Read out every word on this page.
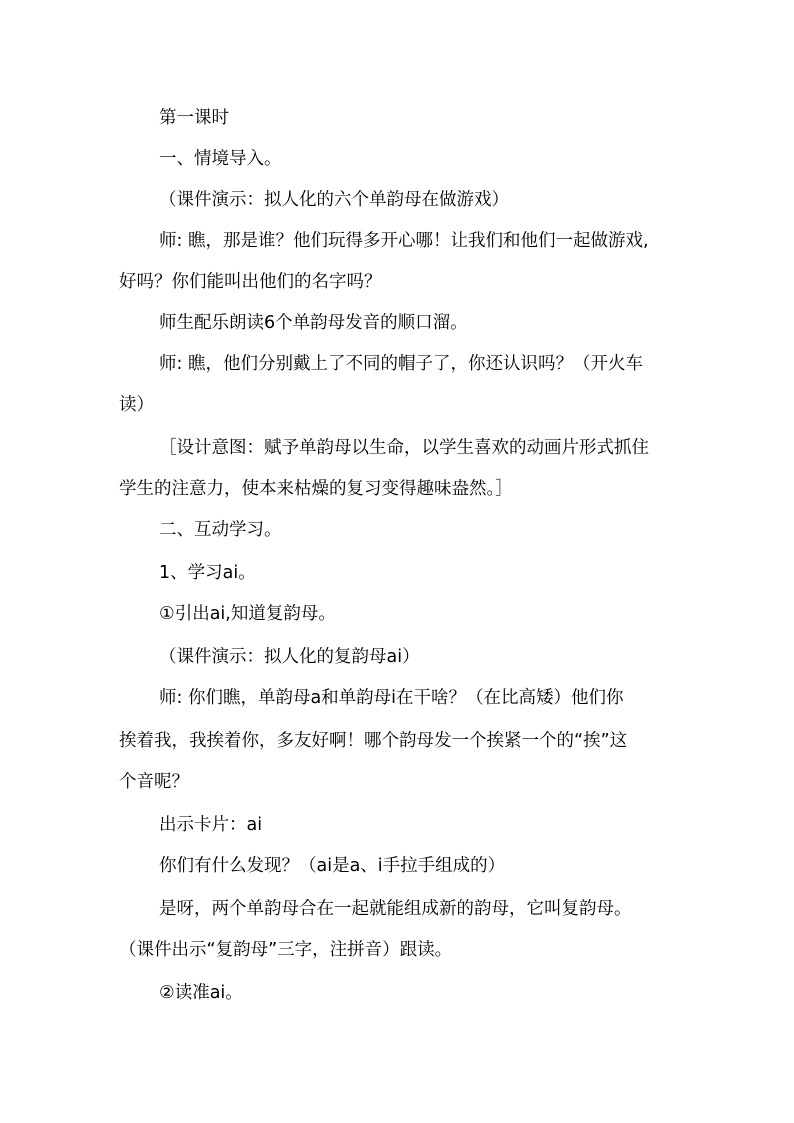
第一课时
一、情境导入。
（课件演示：拟人化的六个单韵母在做游戏）
师: 瞧，那是谁？他们玩得多开心哪！让我们和他们一起做游戏,
好吗？你们能叫出他们的名字吗？
师生配乐朗读6个单韵母发音的顺口溜。
师: 瞧，他们分别戴上了不同的帽子了，你还认识吗？（开火车
读）
［设计意图：赋予单韵母以生命，以学生喜欢的动画片形式抓住
学生的注意力，使本来枯燥的复习变得趣味盎然。］
二、互动学习。
1、学习ai。
①引出ai,知道复韵母。
（课件演示：拟人化的复韵母ai）
师: 你们瞧，单韵母a和单韵母i在干啥？（在比高矮）他们你
挨着我，我挨着你，多友好啊！哪个韵母发一个挨紧一个的“挨”这
个音呢？
出示卡片：ai
你们有什么发现？（ai是a、i手拉手组成的）
是呀，两个单韵母合在一起就能组成新的韵母，它叫复韵母。
（课件出示“复韵母”三字，注拼音）跟读。
②读准ai。
